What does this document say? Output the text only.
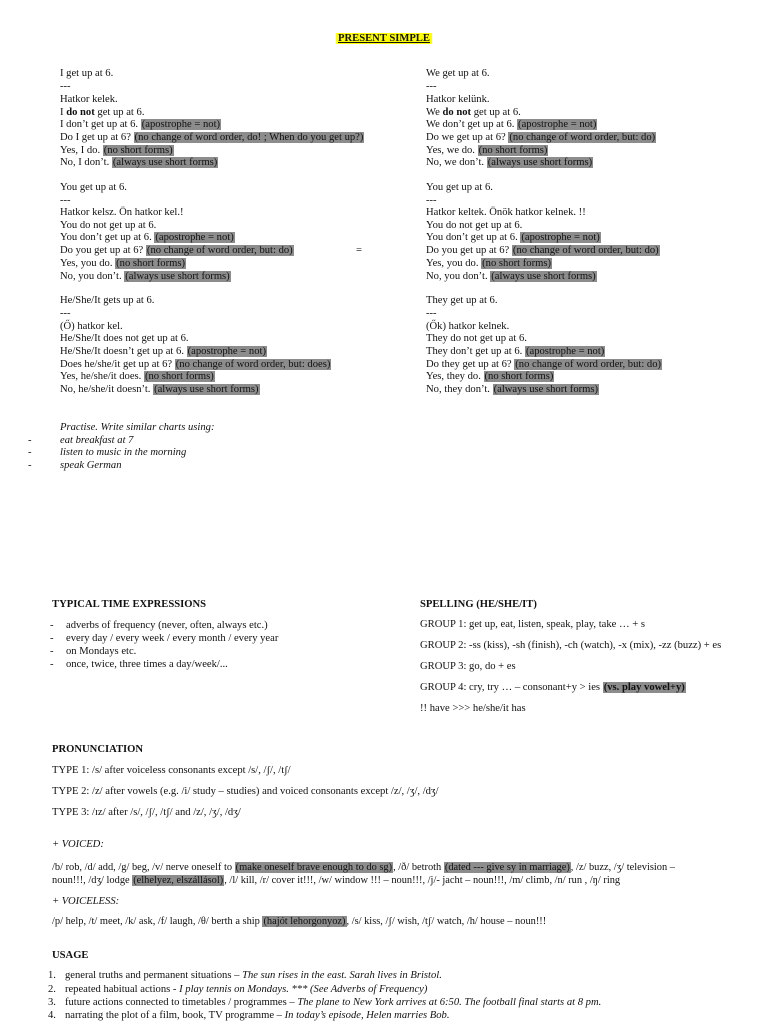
PRESENT SIMPLE
I get up at 6.
---
Hatkor kelek.
I do not get up at 6.
I don’t get up at 6. (apostrophe = not)
Do I get up at 6? (no change of word order, do! ; When do you get up?)
Yes, I do. (no short forms)
No, I don’t. (always use short forms)
You get up at 6.
---
Hatkor kelsz. Ön hatkor kel.!
You do not get up at 6.
You don’t get up at 6. (apostrophe = not)
Do you get up at 6? (no change of word order, but: do)	=
Yes, you do. (no short forms)
No, you don’t. (always use short forms)
He/She/It gets up at 6.
---
(Ő) hatkor kel.
He/She/It does not get up at 6.
He/She/It doesn’t get up at 6. (apostrophe = not)
Does he/she/it get up at 6? (no change of word order, but: does)
Yes, he/she/it does. (no short forms)
No, he/she/it doesn’t. (always use short forms)
We get up at 6.
---
Hatkor kelünk.
We do not get up at 6.
We don’t get up at 6. (apostrophe = not)
Do we get up at 6? (no change of word order, but: do)
Yes, we do. (no short forms)
No, we don’t. (always use short forms)
You get up at 6.
---
Hatkor keltek. Önök hatkor kelnek. !!
You do not get up at 6.
You don’t get up at 6. (apostrophe = not)
Do you get up at 6? (no change of word order, but: do)
Yes, you do. (no short forms)
No, you don’t. (always use short forms)
They get up at 6.
---
(Ők) hatkor kelnek.
They do not get up at 6.
They don’t get up at 6. (apostrophe = not)
Do they get up at 6? (no change of word order, but: do)
Yes, they do. (no short forms)
No, they don’t. (always use short forms)
Practise. Write similar charts using:
-	eat breakfast at 7
-	listen to music in the morning
-	speak German
TYPICAL TIME EXPRESSIONS
- adverbs of frequency (never, often, always etc.)
- every day / every week / every month / every year
- on Mondays etc.
- once, twice, three times a day/week/...
SPELLING (HE/SHE/IT)
GROUP 1: get up, eat, listen, speak, play, take … + s
GROUP 2: -ss (kiss), -sh (finish), -ch (watch), -x (mix), -zz (buzz) + es
GROUP 3: go, do + es
GROUP 4: cry, try … – consonant+y > ies (vs. play vowel+y)
!! have >>> he/she/it has
PRONUNCIATION
TYPE 1: /s/ after voiceless consonants except /s/, /ʃ/, /tʃ/
TYPE 2: /z/ after vowels (e.g. /i/ study – studies) and voiced consonants except /z/, /ʒ/, /dʒ/
TYPE 3: /ɪz/ after /s/, /ʃ/, /tʃ/ and /z/, /ʒ/, /dʒ/
+ VOICED:
/b/ rob, /d/ add, /g/ beg, /v/ nerve oneself to (make oneself brave enough to do sg), /ð/ betroth (dated --- give sy in marriage), /z/ buzz, /ʒ/ television –
noun!!!, /dʒ/ lodge (elhelyez, elszállásol), /l/ kill, /r/ cover it!!!, /w/ window !!! – noun!!!, /j/- jacht – noun!!!, /m/ climb, /n/ run , /ŋ/ ring
+ VOICELESS:
/p/ help, /t/ meet, /k/ ask, /f/ laugh, /θ/ berth a ship (hajót lehorgonyoz), /s/ kiss, /ʃ/ wish, /tʃ/ watch, /h/ house – noun!!!
USAGE
1. general truths and permanent situations – The sun rises in the east. Sarah lives in Bristol.
2. repeated habitual actions - I play tennis on Mondays. *** (See Adverbs of Frequency)
3. future actions connected to timetables / programmes – The plane to New York arrives at 6:50. The football final starts at 8 pm.
4. narrating the plot of a film, book, TV programme – In today’s episode, Helen marries Bob.
